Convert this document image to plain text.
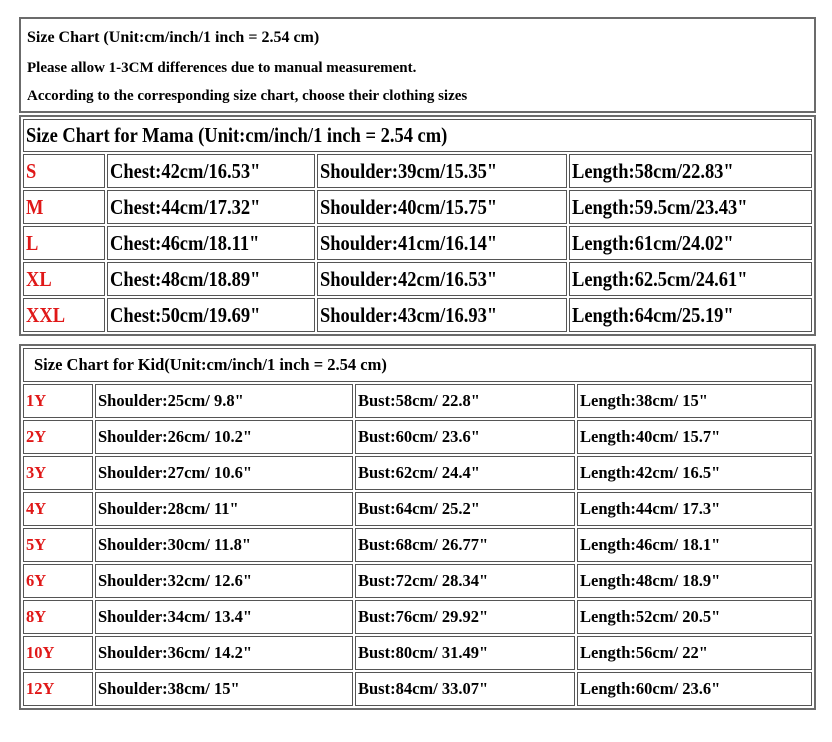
Size Chart (Unit:cm/inch/1 inch = 2.54 cm)
Please allow 1-3CM differences due to manual measurement.
According to the corresponding size chart, choose their clothing sizes
Size Chart for Mama (Unit:cm/inch/1 inch = 2.54 cm)			
S	Chest:42cm/16.53"	Shoulder:39cm/15.35"	Length:58cm/22.83"
M	Chest:44cm/17.32"	Shoulder:40cm/15.75"	Length:59.5cm/23.43"
L	Chest:46cm/18.11"	Shoulder:41cm/16.14"	Length:61cm/24.02"
XL	Chest:48cm/18.89"	Shoulder:42cm/16.53"	Length:62.5cm/24.61"
XXL	Chest:50cm/19.69"	Shoulder:43cm/16.93"	Length:64cm/25.19"
Size Chart for Kid(Unit:cm/inch/1 inch = 2.54 cm)			
1Y	Shoulder:25cm/ 9.8"	Bust:58cm/ 22.8"	Length:38cm/ 15"
2Y	Shoulder:26cm/ 10.2"	Bust:60cm/ 23.6"	Length:40cm/ 15.7"
3Y	Shoulder:27cm/ 10.6"	Bust:62cm/ 24.4"	Length:42cm/ 16.5"
4Y	Shoulder:28cm/ 11"	Bust:64cm/ 25.2"	Length:44cm/ 17.3"
5Y	Shoulder:30cm/ 11.8"	Bust:68cm/ 26.77"	Length:46cm/ 18.1"
6Y	Shoulder:32cm/ 12.6"	Bust:72cm/ 28.34"	Length:48cm/ 18.9"
8Y	Shoulder:34cm/ 13.4"	Bust:76cm/ 29.92"	Length:52cm/ 20.5"
10Y	Shoulder:36cm/ 14.2"	Bust:80cm/ 31.49"	Length:56cm/ 22"
12Y	Shoulder:38cm/ 15"	Bust:84cm/ 33.07"	Length:60cm/ 23.6"
